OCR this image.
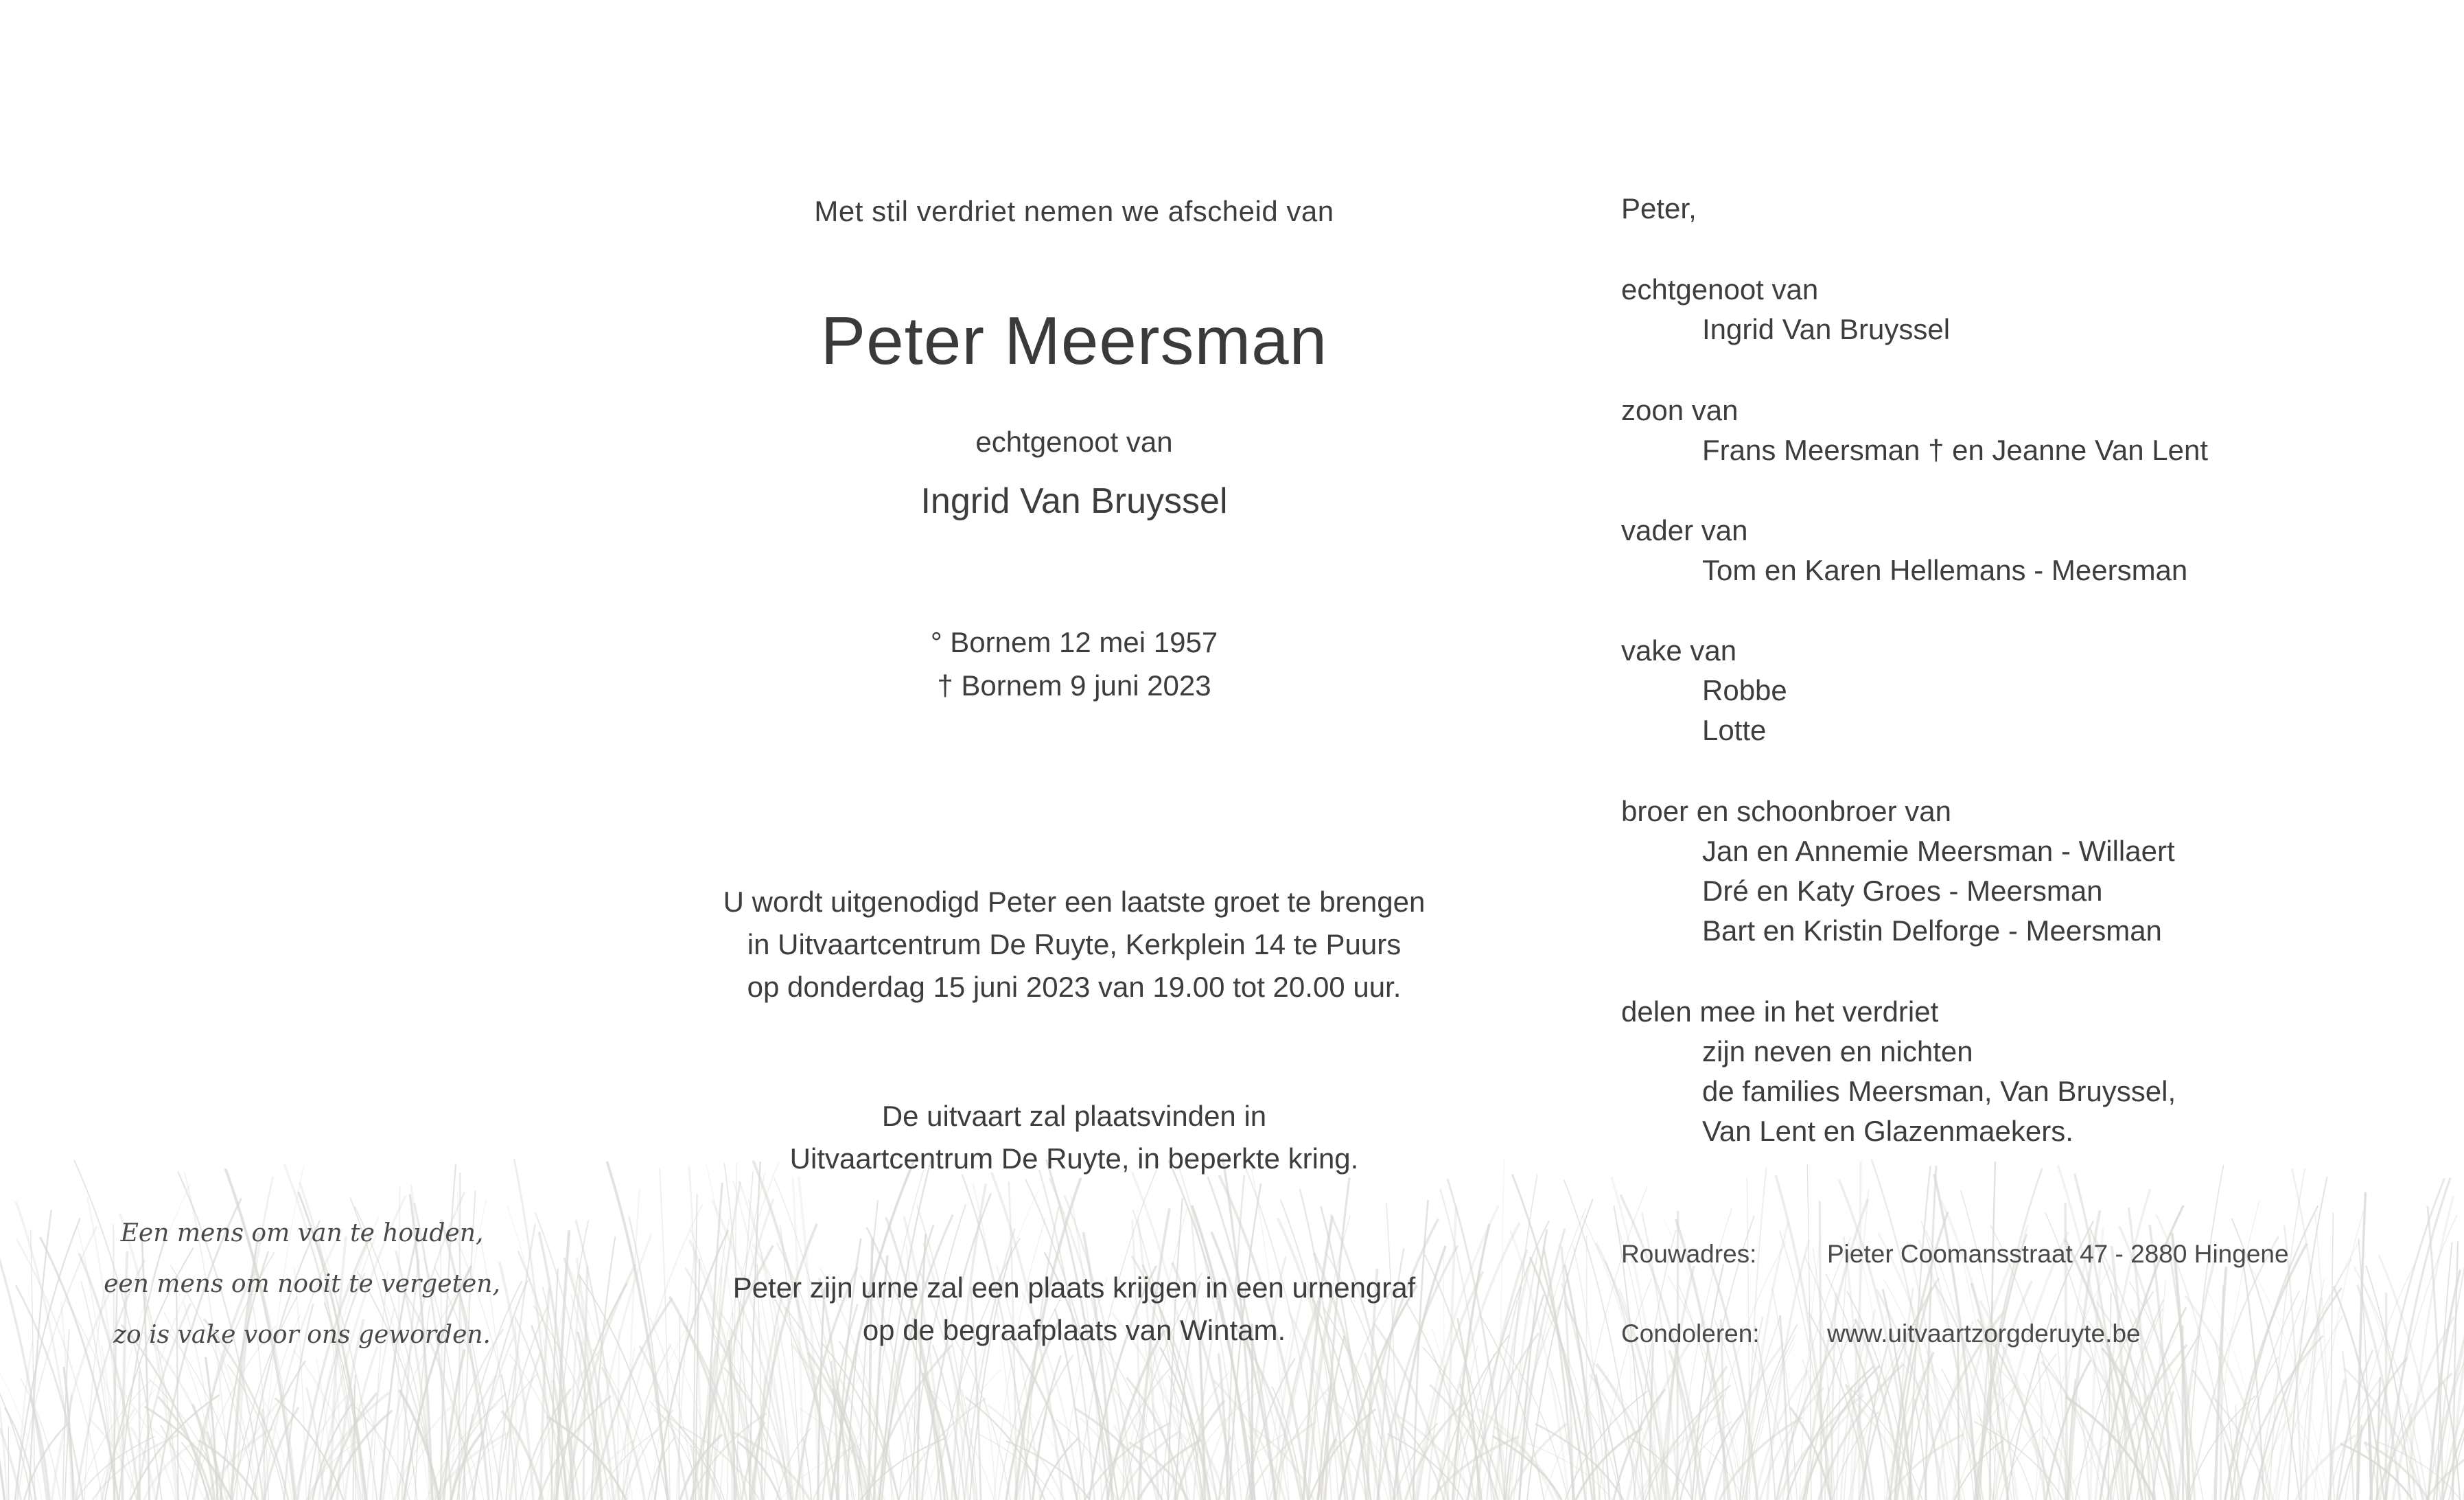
Een mens om van te houden,
een mens om nooit te vergeten,
zo is vake voor ons geworden.
Met stil verdriet nemen we afscheid van
Peter Meersman
echtgenoot van
Ingrid Van Bruyssel
° Bornem 12 mei 1957
† Bornem 9 juni 2023
U wordt uitgenodigd Peter een laatste groet te brengen
in Uitvaartcentrum De Ruyte, Kerkplein 14 te Puurs
op donderdag 15 juni 2023 van 19.00 tot 20.00 uur.
De uitvaart zal plaatsvinden in
Uitvaartcentrum De Ruyte, in beperkte kring.
Peter zijn urne zal een plaats krijgen in een urnengraf
op de begraafplaats van Wintam.
Peter,
echtgenoot van
Ingrid Van Bruyssel
zoon van
Frans Meersman † en Jeanne Van Lent
vader van
Tom en Karen Hellemans - Meersman
vake van
Robbe
Lotte
broer en schoonbroer van
Jan en Annemie Meersman - Willaert
Dré en Katy Groes - Meersman
Bart en Kristin Delforge - Meersman
delen mee in het verdriet
zijn neven en nichten
de families Meersman, Van Bruyssel,
Van Lent en Glazenmaekers.
Rouwadres:	Pieter Coomansstraat 47 - 2880 Hingene
Condoleren:	www.uitvaartzorgderuyte.be
